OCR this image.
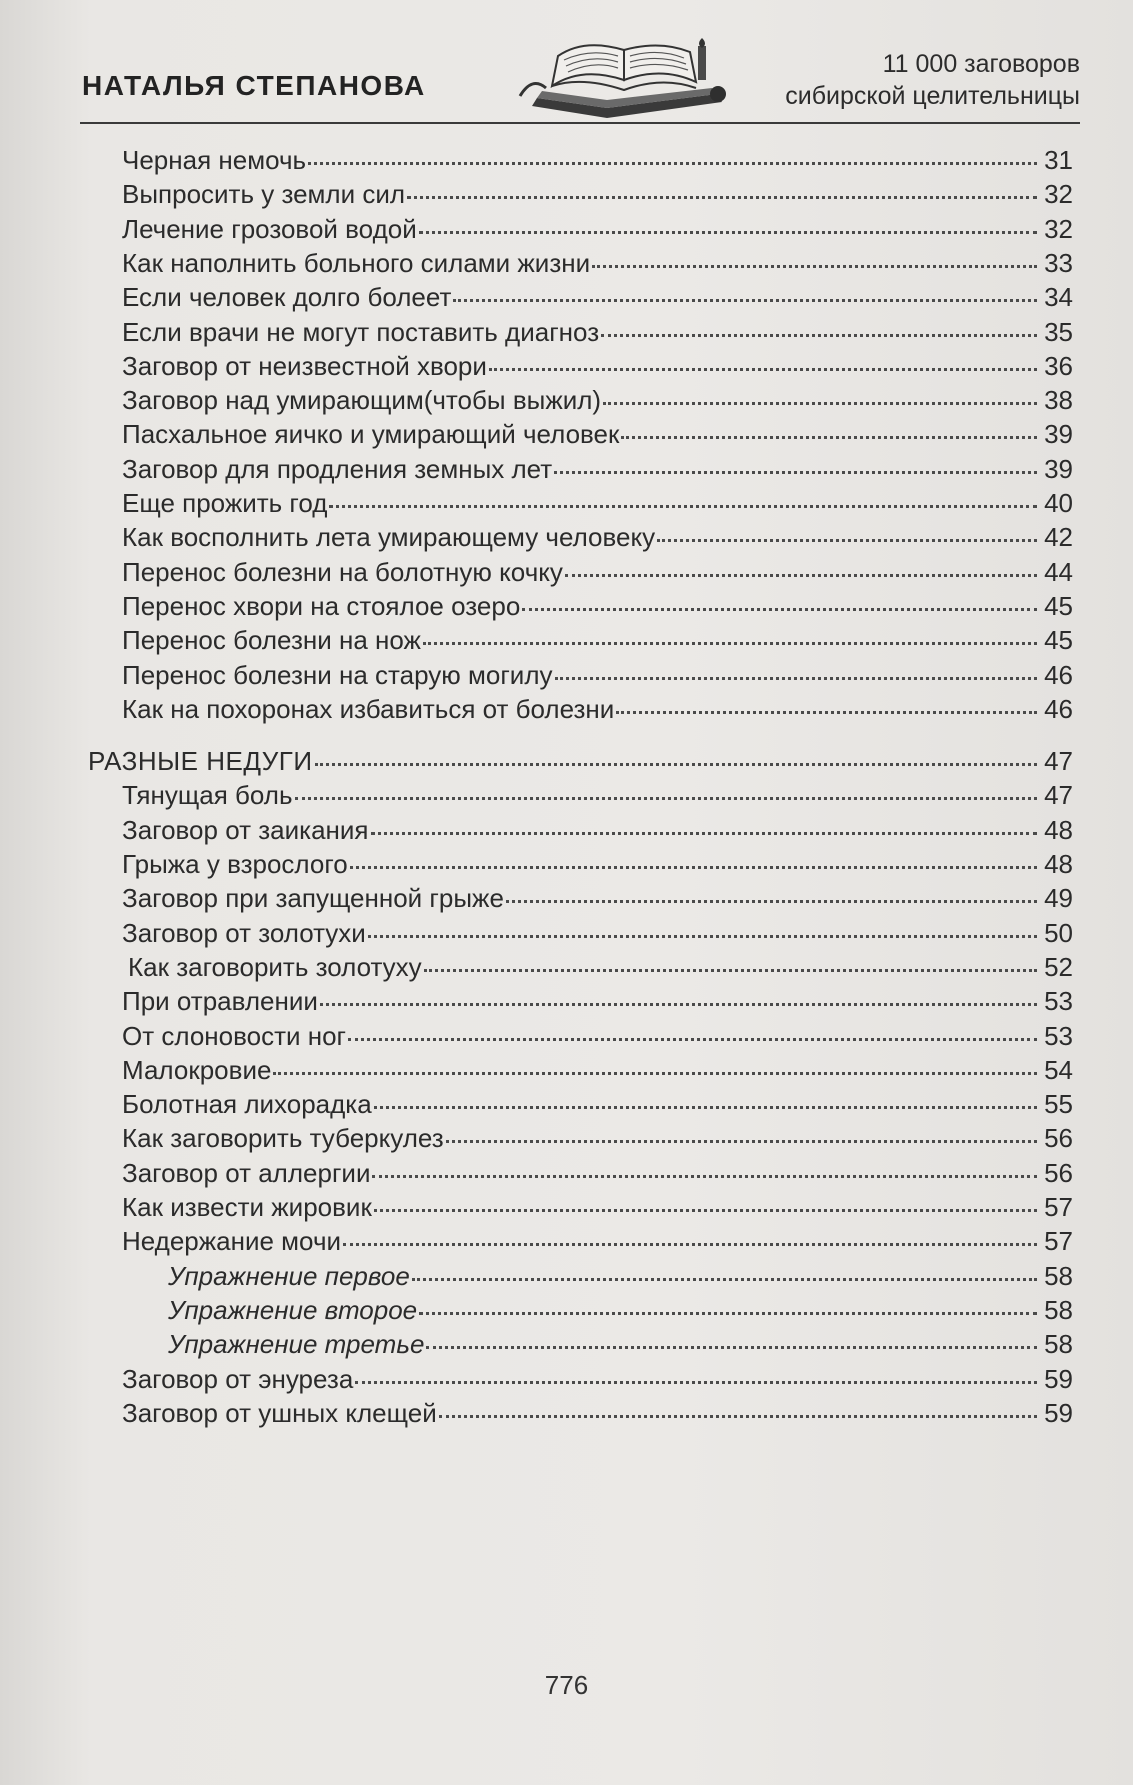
НАТАЛЬЯ СТЕПАНОВА
11 000 заговоров
сибирской целительницы
Черная немочь	31
Выпросить у земли сил	32
Лечение грозовой водой	32
Как наполнить больного силами жизни	33
Если человек долго болеет	34
Если врачи не могут поставить диагноз	35
Заговор от неизвестной хвори	36
Заговор над умирающим(чтобы выжил)	38
Пасхальное яичко и умирающий человек	39
Заговор для продления земных лет	39
Еще прожить год	40
Как восполнить лета умирающему человеку	42
Перенос болезни на болотную кочку	44
Перенос хвори на стоялое озеро	45
Перенос болезни на нож	45
Перенос болезни на старую могилу	46
Как на похоронах избавиться от болезни	46
РАЗНЫЕ НЕДУГИ	47
Тянущая боль	47
Заговор от заикания	48
Грыжа у взрослого	48
Заговор при запущенной грыже	49
Заговор от золотухи	50
Как заговорить золотуху	52
При отравлении	53
От слоновости ног	53
Малокровие	54
Болотная лихорадка	55
Как заговорить туберкулез	56
Заговор от аллергии	56
Как извести жировик	57
Недержание мочи	57
Упражнение первое	58
Упражнение второе	58
Упражнение третье	58
Заговор от энуреза	59
Заговор от ушных клещей	59
776
